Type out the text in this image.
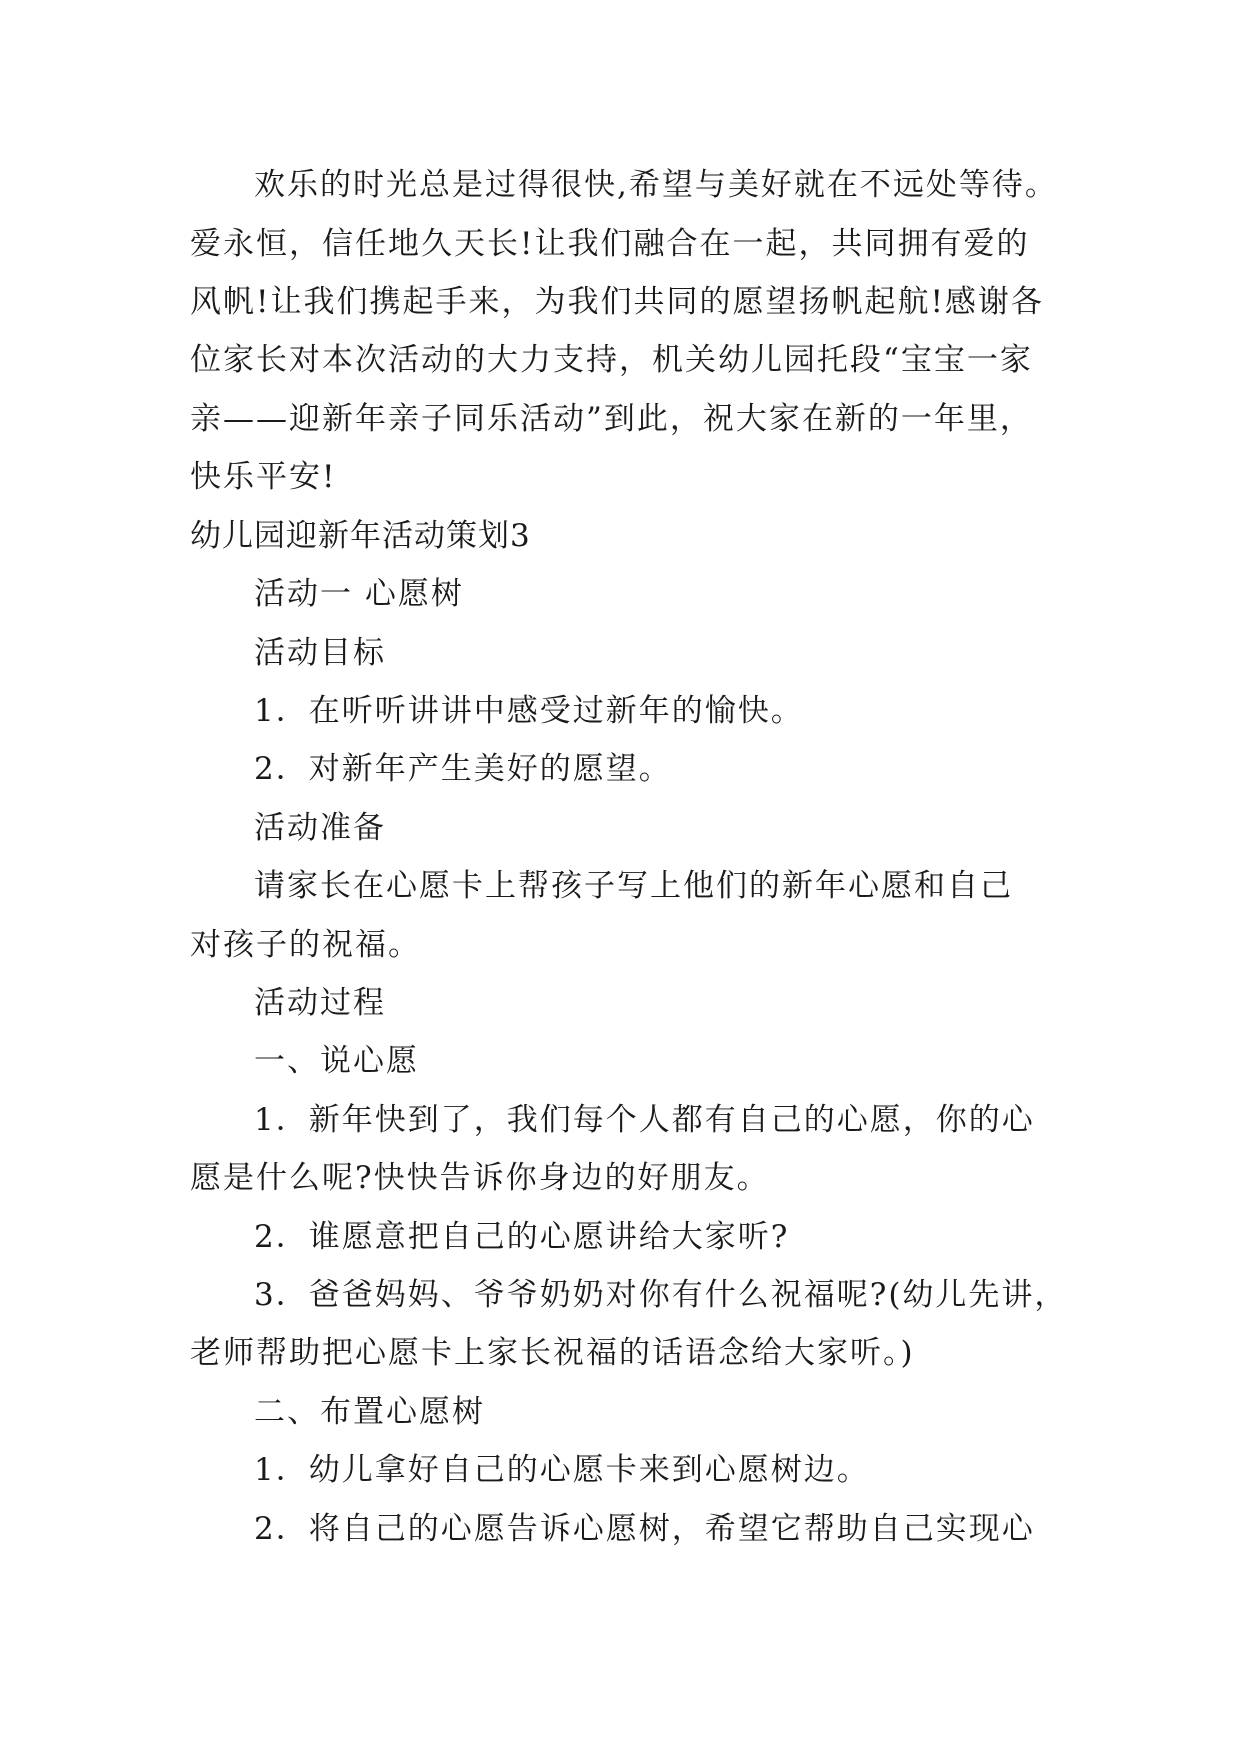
欢乐的时光总是过得很快,希望与美好就在不远处等待。
爱永恒，信任地久天长!让我们融合在一起，共同拥有爱的
风帆!让我们携起手来，为我们共同的愿望扬帆起航!感谢各
位家长对本次活动的大力支持，机关幼儿园托段“宝宝一家
亲——迎新年亲子同乐活动”到此，祝大家在新的一年里，
快乐平安!
幼儿园迎新年活动策划3
活动一 心愿树
活动目标
1．在听听讲讲中感受过新年的愉快。
2．对新年产生美好的愿望。
活动准备
请家长在心愿卡上帮孩子写上他们的新年心愿和自己
对孩子的祝福。
活动过程
一、说心愿
1．新年快到了，我们每个人都有自己的心愿，你的心
愿是什么呢?快快告诉你身边的好朋友。
2．谁愿意把自己的心愿讲给大家听?
3．爸爸妈妈、爷爷奶奶对你有什么祝福呢?(幼儿先讲，
老师帮助把心愿卡上家长祝福的话语念给大家听。)
二、布置心愿树
1．幼儿拿好自己的心愿卡来到心愿树边。
2．将自己的心愿告诉心愿树，希望它帮助自己实现心
